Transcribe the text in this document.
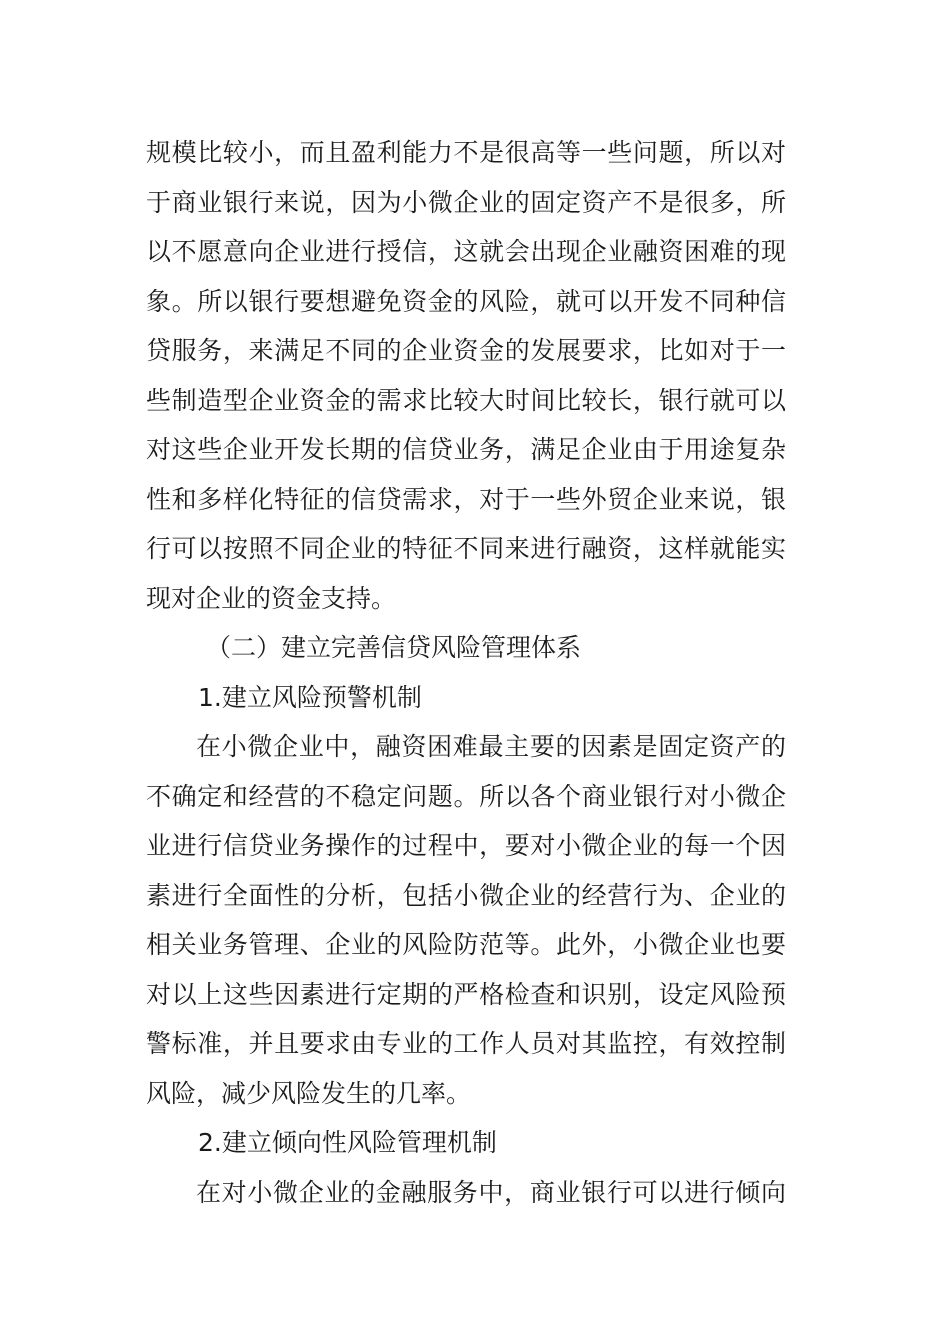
规模比较小，而且盈利能力不是很高等一些问题，所以对
于商业银行来说，因为小微企业的固定资产不是很多，所
以不愿意向企业进行授信，这就会出现企业融资困难的现
象。所以银行要想避免资金的风险，就可以开发不同种信
贷服务，来满足不同的企业资金的发展要求，比如对于一
些制造型企业资金的需求比较大时间比较长，银行就可以
对这些企业开发长期的信贷业务，满足企业由于用途复杂
性和多样化特征的信贷需求，对于一些外贸企业来说，银
行可以按照不同企业的特征不同来进行融资，这样就能实
现对企业的资金支持。
（二）建立完善信贷风险管理体系
1.建立风险预警机制
在小微企业中，融资困难最主要的因素是固定资产的
不确定和经营的不稳定问题。所以各个商业银行对小微企
业进行信贷业务操作的过程中，要对小微企业的每一个因
素进行全面性的分析，包括小微企业的经营行为、企业的
相关业务管理、企业的风险防范等。此外，小微企业也要
对以上这些因素进行定期的严格检查和识别，设定风险预
警标准，并且要求由专业的工作人员对其监控，有效控制
风险，减少风险发生的几率。
2.建立倾向性风险管理机制
在对小微企业的金融服务中，商业银行可以进行倾向
